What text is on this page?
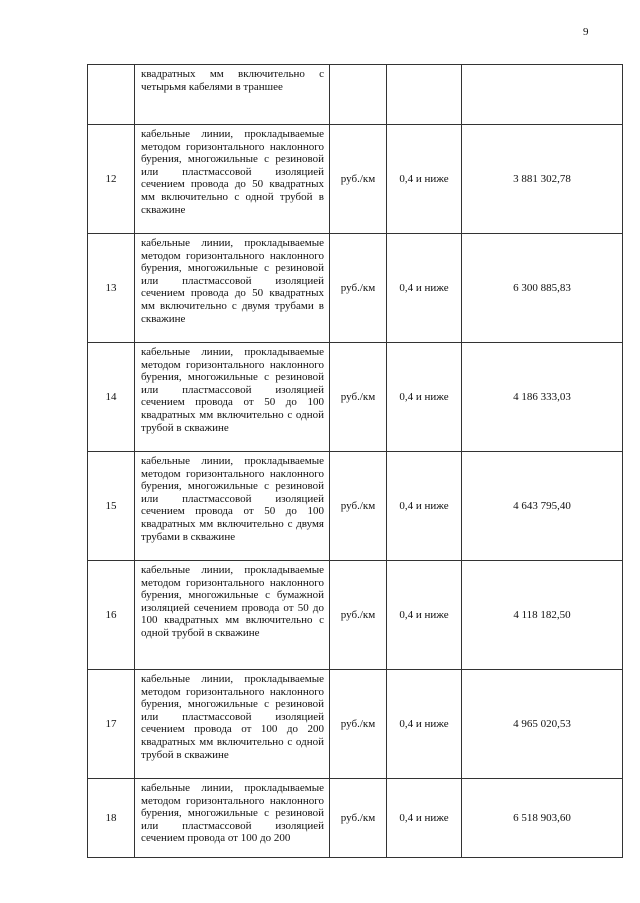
9
	квадратных мм включительно с четырьмя кабелями в траншее			
12	кабельные линии, прокладываемые методом горизонтального наклонного бурения, многожильные с резиновой или пластмассовой изоляцией сечением провода до 50 квадратных мм включительно с одной трубой в скважине	руб./км	0,4 и ниже	3 881 302,78
13	кабельные линии, прокладываемые методом горизонтального наклонного бурения, многожильные с резиновой или пластмассовой изоляцией сечением провода до 50 квадратных мм включительно с двумя трубами в скважине	руб./км	0,4 и ниже	6 300 885,83
14	кабельные линии, прокладываемые методом горизонтального наклонного бурения, многожильные с резиновой или пластмассовой изоляцией сечением провода от 50 до 100 квадратных мм включительно с одной трубой в скважине	руб./км	0,4 и ниже	4 186 333,03
15	кабельные линии, прокладываемые методом горизонтального наклонного бурения, многожильные с резиновой или пластмассовой изоляцией сечением провода от 50 до 100 квадратных мм включительно с двумя трубами в скважине	руб./км	0,4 и ниже	4 643 795,40
16	кабельные линии, прокладываемые методом горизонтального наклонного бурения, многожильные с бумажной изоляцией сечением провода от 50 до 100 квадратных мм включительно с одной трубой в скважине	руб./км	0,4 и ниже	4 118 182,50
17	кабельные линии, прокладываемые методом горизонтального наклонного бурения, многожильные с резиновой или пластмассовой изоляцией сечением провода от 100 до 200 квадратных мм включительно с одной трубой в скважине	руб./км	0,4 и ниже	4 965 020,53
18	кабельные линии, прокладываемые методом горизонтального наклонного бурения, многожильные с резиновой или пластмассовой изоляцией сечением провода от 100 до 200	руб./км	0,4 и ниже	6 518 903,60
